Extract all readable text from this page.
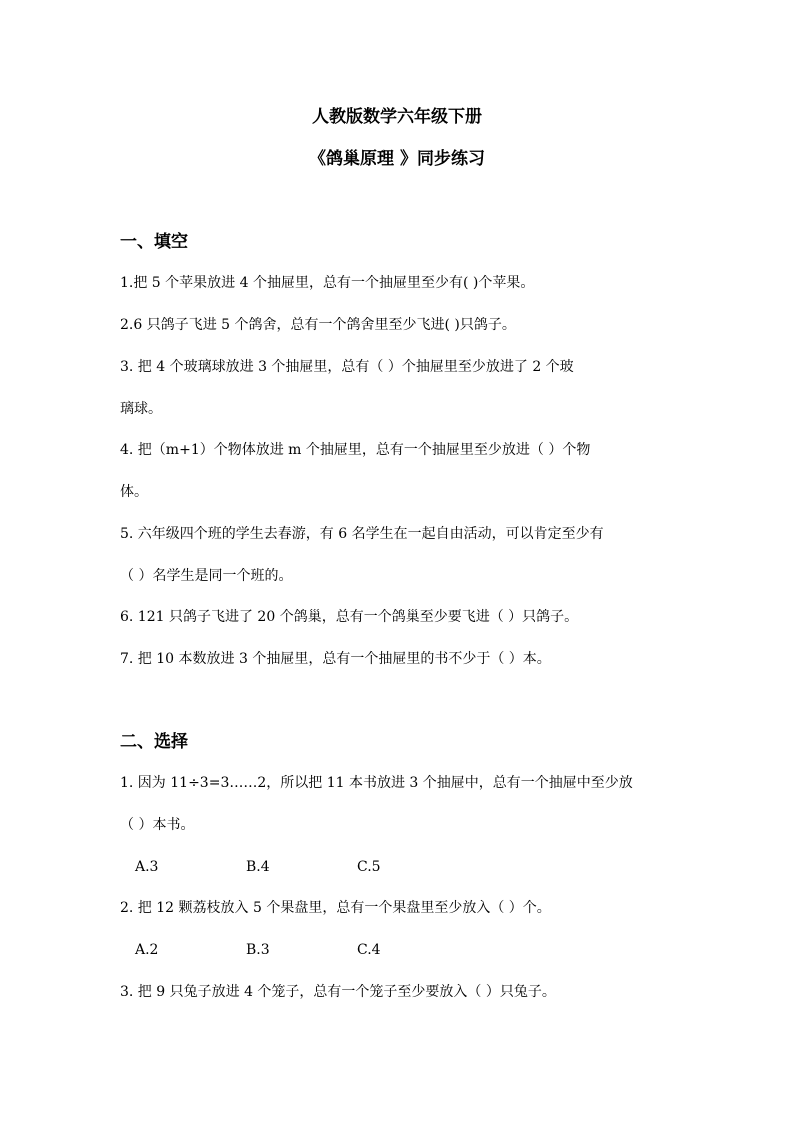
人教版数学六年级下册
《鸽巢原理 》同步练习
一、填空
1.把 5 个苹果放进 4 个抽屉里，总有一个抽屉里至少有( )个苹果。
2.6 只鸽子飞进 5 个鸽舍，总有一个鸽舍里至少飞进( )只鸽子。
3. 把 4 个玻璃球放进 3 个抽屉里，总有（ ）个抽屉里至少放进了 2 个玻
璃球。
4. 把（m+1）个物体放进 m 个抽屉里，总有一个抽屉里至少放进（ ）个物
体。
5. 六年级四个班的学生去春游，有 6 名学生在一起自由活动，可以肯定至少有
（ ）名学生是同一个班的。
6. 121 只鸽子飞进了 20 个鸽巢，总有一个鸽巢至少要飞进（ ）只鸽子。
7. 把 10 本数放进 3 个抽屉里，总有一个抽屉里的书不少于（ ）本。
二、选择
1. 因为 11÷3=3……2，所以把 11 本书放进 3 个抽屉中，总有一个抽屉中至少放
（ ）本书。
A.3	B.4	C.5
2. 把 12 颗荔枝放入 5 个果盘里，总有一个果盘里至少放入（ ）个。
A.2	B.3	C.4
3. 把 9 只兔子放进 4 个笼子，总有一个笼子至少要放入（ ）只兔子。
